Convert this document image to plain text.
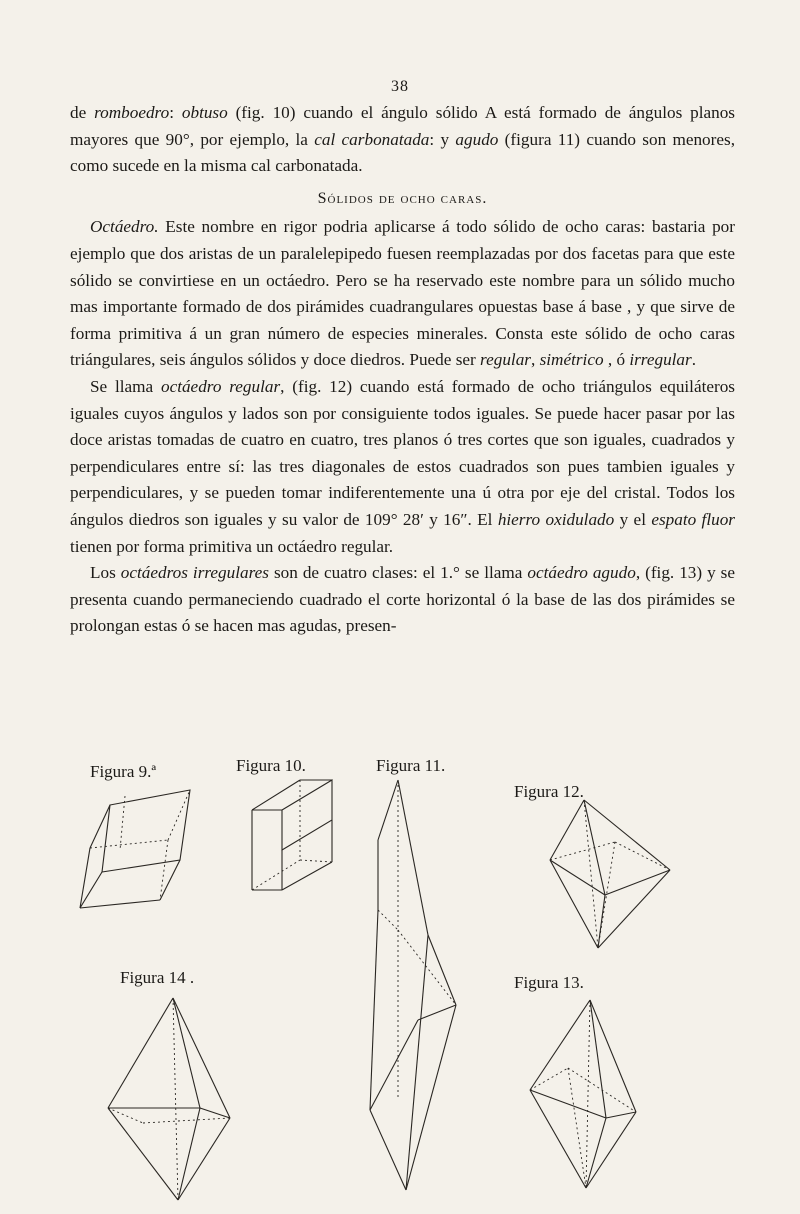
38

de romboedro: obtuso (fig. 10) cuando el ángulo sólido A está formado de ángulos planos mayores que 90°, por ejemplo, la cal carbonatada: y agudo (figura 11) cuando son menores, como sucede en la misma cal carbonatada.

Sólidos de ocho caras.

Octáedro. Este nombre en rigor podria aplicarse á todo sólido de ocho caras: bastaria por ejemplo que dos aristas de un paralelepipedo fuesen reemplazadas por dos facetas para que este sólido se convirtiese en un octáedro. Pero se ha reservado este nombre para un sólido mucho mas importante formado de dos pirámides cuadrangulares opuestas base á base , y que sirve de forma primitiva á un gran número de especies minerales. Consta este sólido de ocho caras triángulares, seis ángulos sólidos y doce diedros. Puede ser regular, simétrico , ó irregular.

Se llama octáedro regular, (fig. 12) cuando está formado de ocho triángulos equiláteros iguales cuyos ángulos y lados son por consiguiente todos iguales. Se puede hacer pasar por las doce aristas tomadas de cuatro en cuatro, tres planos ó tres cortes que son iguales, cuadrados y perpendiculares entre sí: las tres diagonales de estos cuadrados son pues tambien iguales y perpendiculares, y se pueden tomar indiferentemente una ú otra por eje del cristal. Todos los ángulos diedros son iguales y su valor de 109° 28′ y 16″. El hierro oxidulado y el espato fluor tienen por forma primitiva un octáedro regular.

Los octáedros irregulares son de cuatro clases: el 1.° se llama octáedro agudo, (fig. 13) y se presenta cuando permaneciendo cuadrado el corte horizontal ó la base de las dos pirámides se prolongan estas ó se hacen mas agudas, presen-

Figura 9.ª	Figura 10.	Figura 11.
Figura 12.
Figura 13.
Figura 14 .
